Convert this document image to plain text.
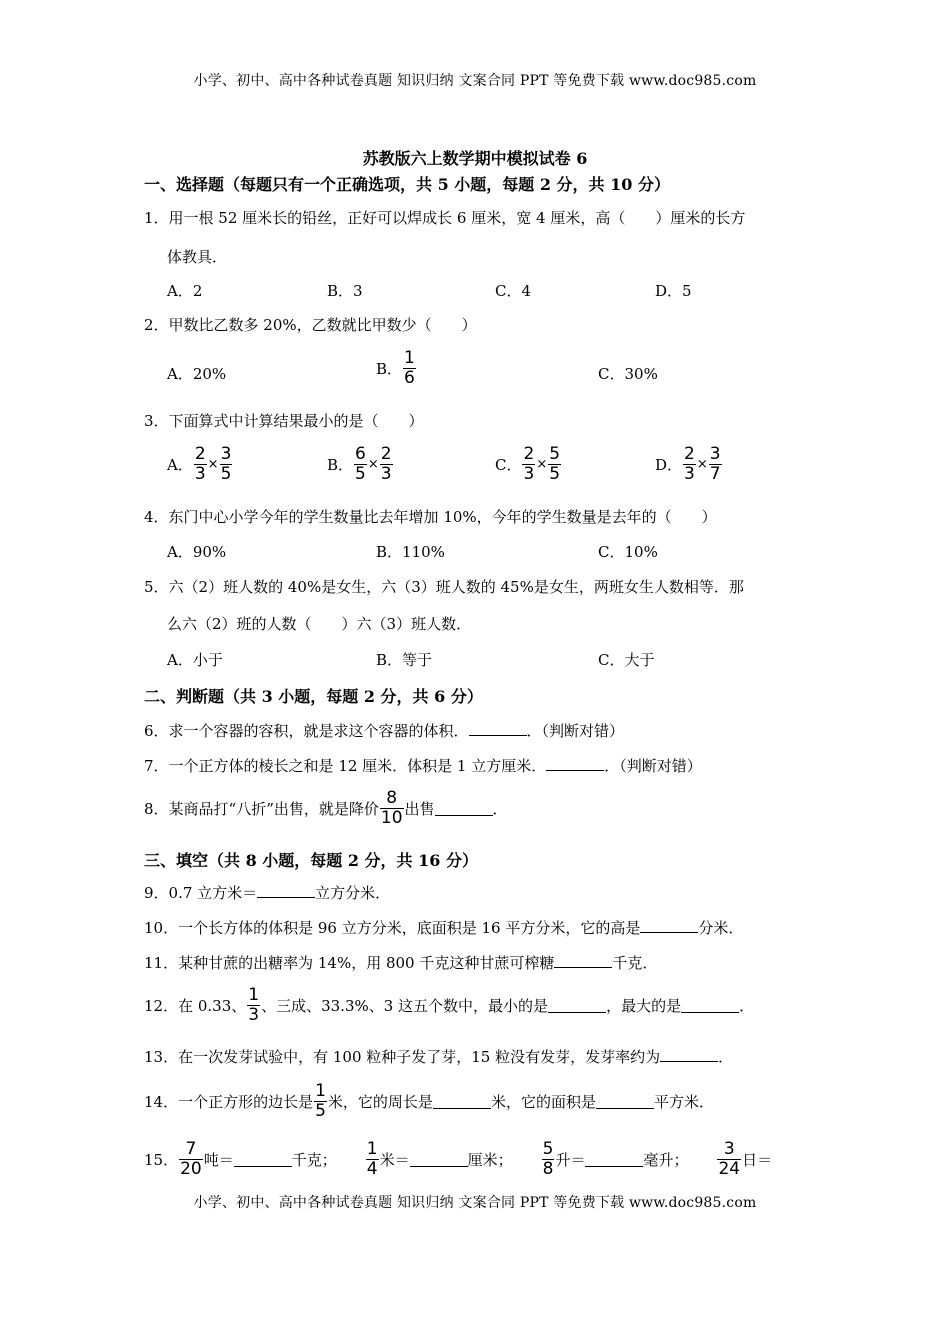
小学、初中、高中各种试卷真题 知识归纳 文案合同 PPT 等免费下载 www.doc985.com
苏教版六上数学期中模拟试卷 6
一、选择题（每题只有一个正确选项，共 5 小题，每题 2 分，共 10 分）
1．用一根 52 厘米长的铅丝，正好可以焊成长 6 厘米，宽 4 厘米，高（　　）厘米的长方
体教具．
A．2	B．3	C．4	D．5
2．甲数比乙数多 20%，乙数就比甲数少（　　）
A．20%	B． $\frac{1}{6}$	C．30%
3．下面算式中计算结果最小的是（　　）
A． $\frac{2}{3} \times \frac{3}{5}$	B． $\frac{6}{5} \times \frac{2}{3}$	C． $\frac{2}{3} \times \frac{5}{5}$	D． $\frac{2}{3} \times \frac{3}{7}$
4．东门中心小学今年的学生数量比去年增加 10%，今年的学生数量是去年的（　　）
A．90%	B．110%	C．10%
5．六（2）班人数的 40%是女生，六（3）班人数的 45%是女生，两班女生人数相等．那
么六（2）班的人数（　　）六（3）班人数．
A．小于	B．等于	C．大于
二、判断题（共 3 小题，每题 2 分，共 6 分）
6．求一个容器的容积，就是求这个容器的体积．	．（判断对错）
7．一个正方体的棱长之和是 12 厘米．体积是 1 立方厘米．	．（判断对错）
8．某商品打“八折”出售，就是降价 $\frac{8}{10}$ 出售	．
三、填空（共 8 小题，每题 2 分，共 16 分）
9．0.7 立方米＝	立方分米．
10．一个长方体的体积是 96 立方分米，底面积是 16 平方分米，它的高是	分米．
11．某种甘蔗的出糖率为 14%，用 800 千克这种甘蔗可榨糖	千克．
12．在 0.33、 $\frac{1}{3}$ 、三成、33.3%、3 这五个数中，最小的是	，最大的是	．
13．在一次发芽试验中，有 100 粒种子发了芽，15 粒没有发芽，发芽率约为	．
14．一个正方形的边长是 $\frac{1}{5}$ 米，它的周长是	米，它的面积是	平方米．
15． $\frac{7}{20}$ 吨＝	千克； $\frac{1}{4}$ 米＝	厘米； $\frac{5}{8}$ 升＝	毫升； $\frac{3}{24}$ 日＝
小学、初中、高中各种试卷真题 知识归纳 文案合同 PPT 等免费下载 www.doc985.com
